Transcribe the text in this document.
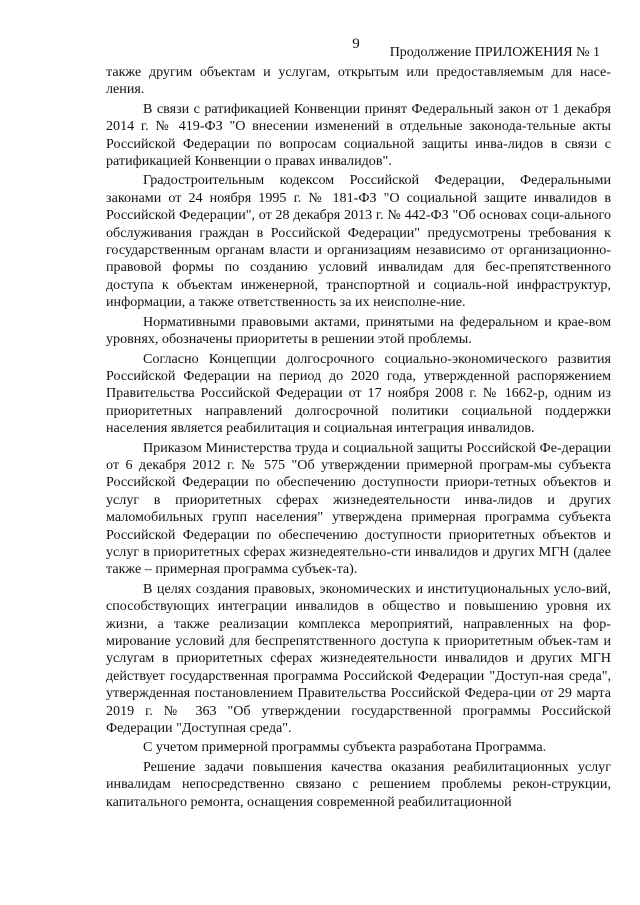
9
Продолжение ПРИЛОЖЕНИЯ № 1

также другим объектам и услугам, открытым или предоставляемым для насе-ления.

В связи с ратификацией Конвенции принят Федеральный закон от 1 декабря 2014 г. № 419-ФЗ "О внесении изменений в отдельные законода-тельные акты Российской Федерации по вопросам социальной защиты инва-лидов в связи с ратификацией Конвенции о правах инвалидов".

Градостроительным кодексом Российской Федерации, Федеральными законами от 24 ноября 1995 г. № 181-ФЗ "О социальной защите инвалидов в Российской Федерации", от 28 декабря 2013 г. № 442-ФЗ "Об основах соци-ального обслуживания граждан в Российской Федерации" предусмотрены требования к государственным органам власти и организациям независимо от организационно-правовой формы по созданию условий инвалидам для бес-препятственного доступа к объектам инженерной, транспортной и социаль-ной инфраструктур, информации, а также ответственность за их неисполне-ние.

Нормативными правовыми актами, принятыми на федеральном и крае-вом уровнях, обозначены приоритеты в решении этой проблемы.

Согласно Концепции долгосрочного социально-экономического развития Российской Федерации на период до 2020 года, утвержденной распоряжением Правительства Российской Федерации от 17 ноября 2008 г. № 1662-р, одним из приоритетных направлений долгосрочной политики социальной поддержки населения является реабилитация и социальная интеграция инвалидов.

Приказом Министерства труда и социальной защиты Российской Фе-дерации от 6 декабря 2012 г. № 575 "Об утверждении примерной програм-мы субъекта Российской Федерации по обеспечению доступности приори-тетных объектов и услуг в приоритетных сферах жизнедеятельности инва-лидов и других маломобильных групп населения" утверждена примерная программа субъекта Российской Федерации по обеспечению доступности приоритетных объектов и услуг в приоритетных сферах жизнедеятельно-сти инвалидов и других МГН (далее также – примерная программа субъек-та).

В целях создания правовых, экономических и институциональных усло-вий, способствующих интеграции инвалидов в общество и повышению уровня их жизни, а также реализации комплекса мероприятий, направленных на фор-мирование условий для беспрепятственного доступа к приоритетным объек-там и услугам в приоритетных сферах жизнедеятельности инвалидов и других МГН действует государственная программа Российской Федерации "Доступ-ная среда", утвержденная постановлением Правительства Российской Федера-ции от 29 марта 2019 г. № 363 "Об утверждении государственной программы Российской Федерации "Доступная среда".

С учетом примерной программы субъекта разработана Программа.

Решение задачи повышения качества оказания реабилитационных услуг инвалидам непосредственно связано с решением проблемы рекон-струкции, капитального ремонта, оснащения современной реабилитационной
